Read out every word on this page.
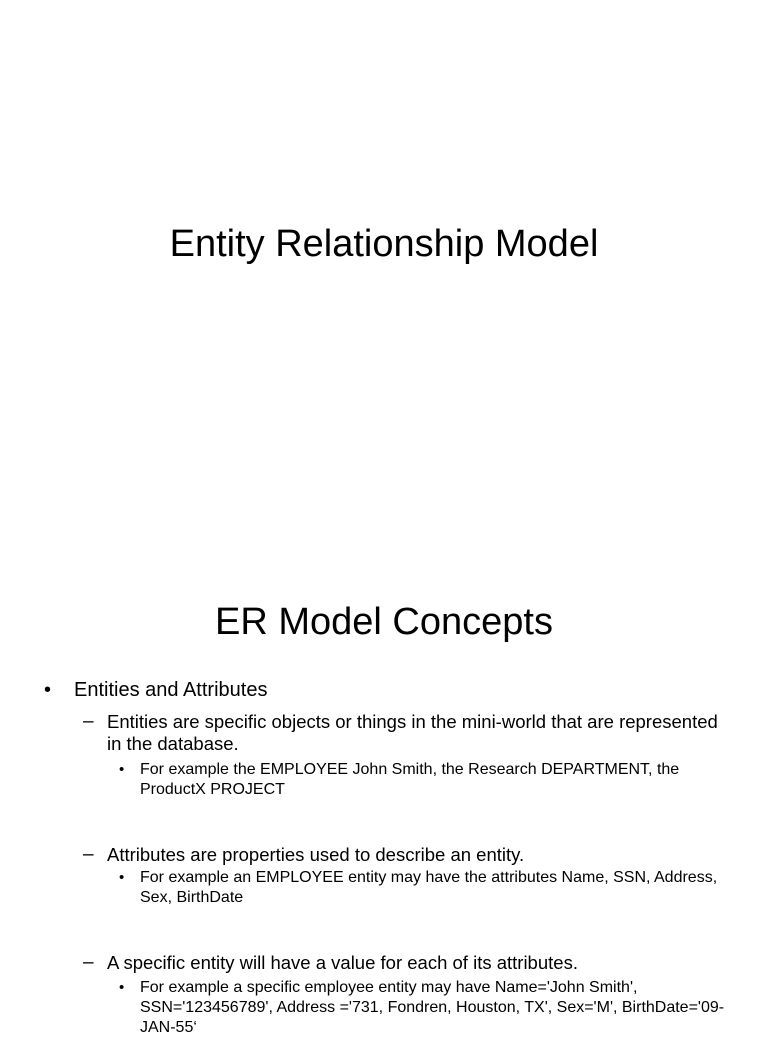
Entity Relationship Model
ER Model Concepts
• Entities and Attributes
– Entities are specific objects or things in the mini-world that are represented in the database.
• For example the EMPLOYEE John Smith, the Research DEPARTMENT, the ProductX PROJECT
– Attributes are properties used to describe an entity.
• For example an EMPLOYEE entity may have the attributes Name, SSN, Address, Sex, BirthDate
– A specific entity will have a value for each of its attributes.
• For example a specific employee entity may have Name='John Smith', SSN='123456789', Address ='731, Fondren, Houston, TX', Sex='M', BirthDate='09-JAN-55‘
